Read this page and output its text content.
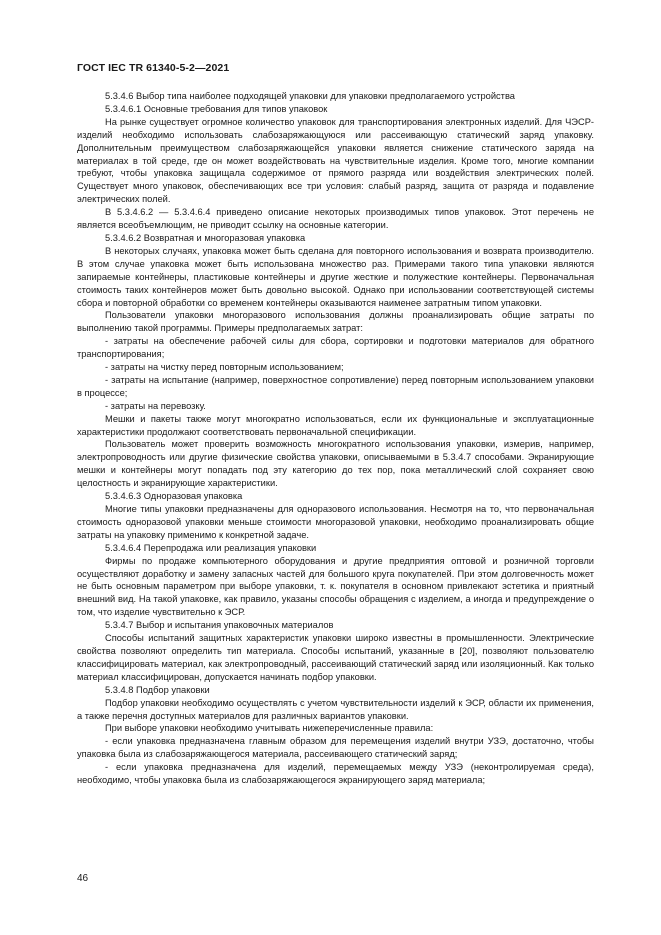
ГОСТ IEC TR 61340-5-2—2021

5.3.4.6 Выбор типа наиболее подходящей упаковки для упаковки предполагаемого устройства

5.3.4.6.1 Основные требования для типов упаковок

На рынке существует огромное количество упаковок для транспортирования электронных изделий. Для ЧЭСР-изделий необходимо использовать слабозаряжающуюся или рассеивающую статический заряд упаковку. Дополнительным преимуществом слабозаряжающейся упаковки является снижение статического заряда на материалах в той среде, где он может воздействовать на чувствительные изделия. Кроме того, многие компании требуют, чтобы упаковка защищала содержимое от прямого разряда или воздействия электрических полей. Существует много упаковок, обеспечивающих все три условия: слабый разряд, защита от разряда и подавление электрических полей.

В 5.3.4.6.2 — 5.3.4.6.4 приведено описание некоторых производимых типов упаковок. Этот перечень не является всеобъемлющим, не приводит ссылку на основные категории.

5.3.4.6.2 Возвратная и многоразовая упаковка

В некоторых случаях, упаковка может быть сделана для повторного использования и возврата производителю. В этом случае упаковка может быть использована множество раз. Примерами такого типа упаковки являются запираемые контейнеры, пластиковые контейнеры и другие жесткие и полужесткие контейнеры. Первоначальная стоимость таких контейнеров может быть довольно высокой. Однако при использовании соответствующей системы сбора и повторной обработки со временем контейнеры оказываются наименее затратным типом упаковки.

Пользователи упаковки многоразового использования должны проанализировать общие затраты по выполнению такой программы. Примеры предполагаемых затрат:

- затраты на обеспечение рабочей силы для сбора, сортировки и подготовки материалов для обратного транспортирования;

- затраты на чистку перед повторным использованием;

- затраты на испытание (например, поверхностное сопротивление) перед повторным использованием упаковки в процессе;

- затраты на перевозку.

Мешки и пакеты также могут многократно использоваться, если их функциональные и эксплуатационные характеристики продолжают соответствовать первоначальной спецификации.

Пользователь может проверить возможность многократного использования упаковки, измерив, например, электропроводность или другие физические свойства упаковки, описываемыми в 5.3.4.7 способами. Экранирующие мешки и контейнеры могут попадать под эту категорию до тех пор, пока металлический слой сохраняет свою целостность и экранирующие характеристики.

5.3.4.6.3 Одноразовая упаковка

Многие типы упаковки предназначены для одноразового использования. Несмотря на то, что первоначальная стоимость одноразовой упаковки меньше стоимости многоразовой упаковки, необходимо проанализировать общие затраты на упаковку применимо к конкретной задаче.

5.3.4.6.4 Перепродажа или реализация упаковки

Фирмы по продаже компьютерного оборудования и другие предприятия оптовой и розничной торговли осуществляют доработку и замену запасных частей для большого круга покупателей. При этом долговечность может не быть основным параметром при выборе упаковки, т. к. покупателя в основном привлекают эстетика и приятный внешний вид. На такой упаковке, как правило, указаны способы обращения с изделием, а иногда и предупреждение о том, что изделие чувствительно к ЭСР.

5.3.4.7 Выбор и испытания упаковочных материалов

Способы испытаний защитных характеристик упаковки широко известны в промышленности. Электрические свойства позволяют определить тип материала. Способы испытаний, указанные в [20], позволяют пользователю классифицировать материал, как электропроводный, рассеивающий статический заряд или изоляционный. Как только материал классифицирован, допускается начинать подбор упаковки.

5.3.4.8 Подбор упаковки

Подбор упаковки необходимо осуществлять с учетом чувствительности изделий к ЭСР, области их применения, а также перечня доступных материалов для различных вариантов упаковки.

При выборе упаковки необходимо учитывать нижеперечисленные правила:

- если упаковка предназначена главным образом для перемещения изделий внутри УЗЭ, достаточно, чтобы упаковка была из слабозаряжающегося материала, рассеивающего статический заряд;

- если упаковка предназначена для изделий, перемещаемых между УЗЭ (неконтролируемая среда), необходимо, чтобы упаковка была из слабозаряжающегося экранирующего заряд материала;

46
